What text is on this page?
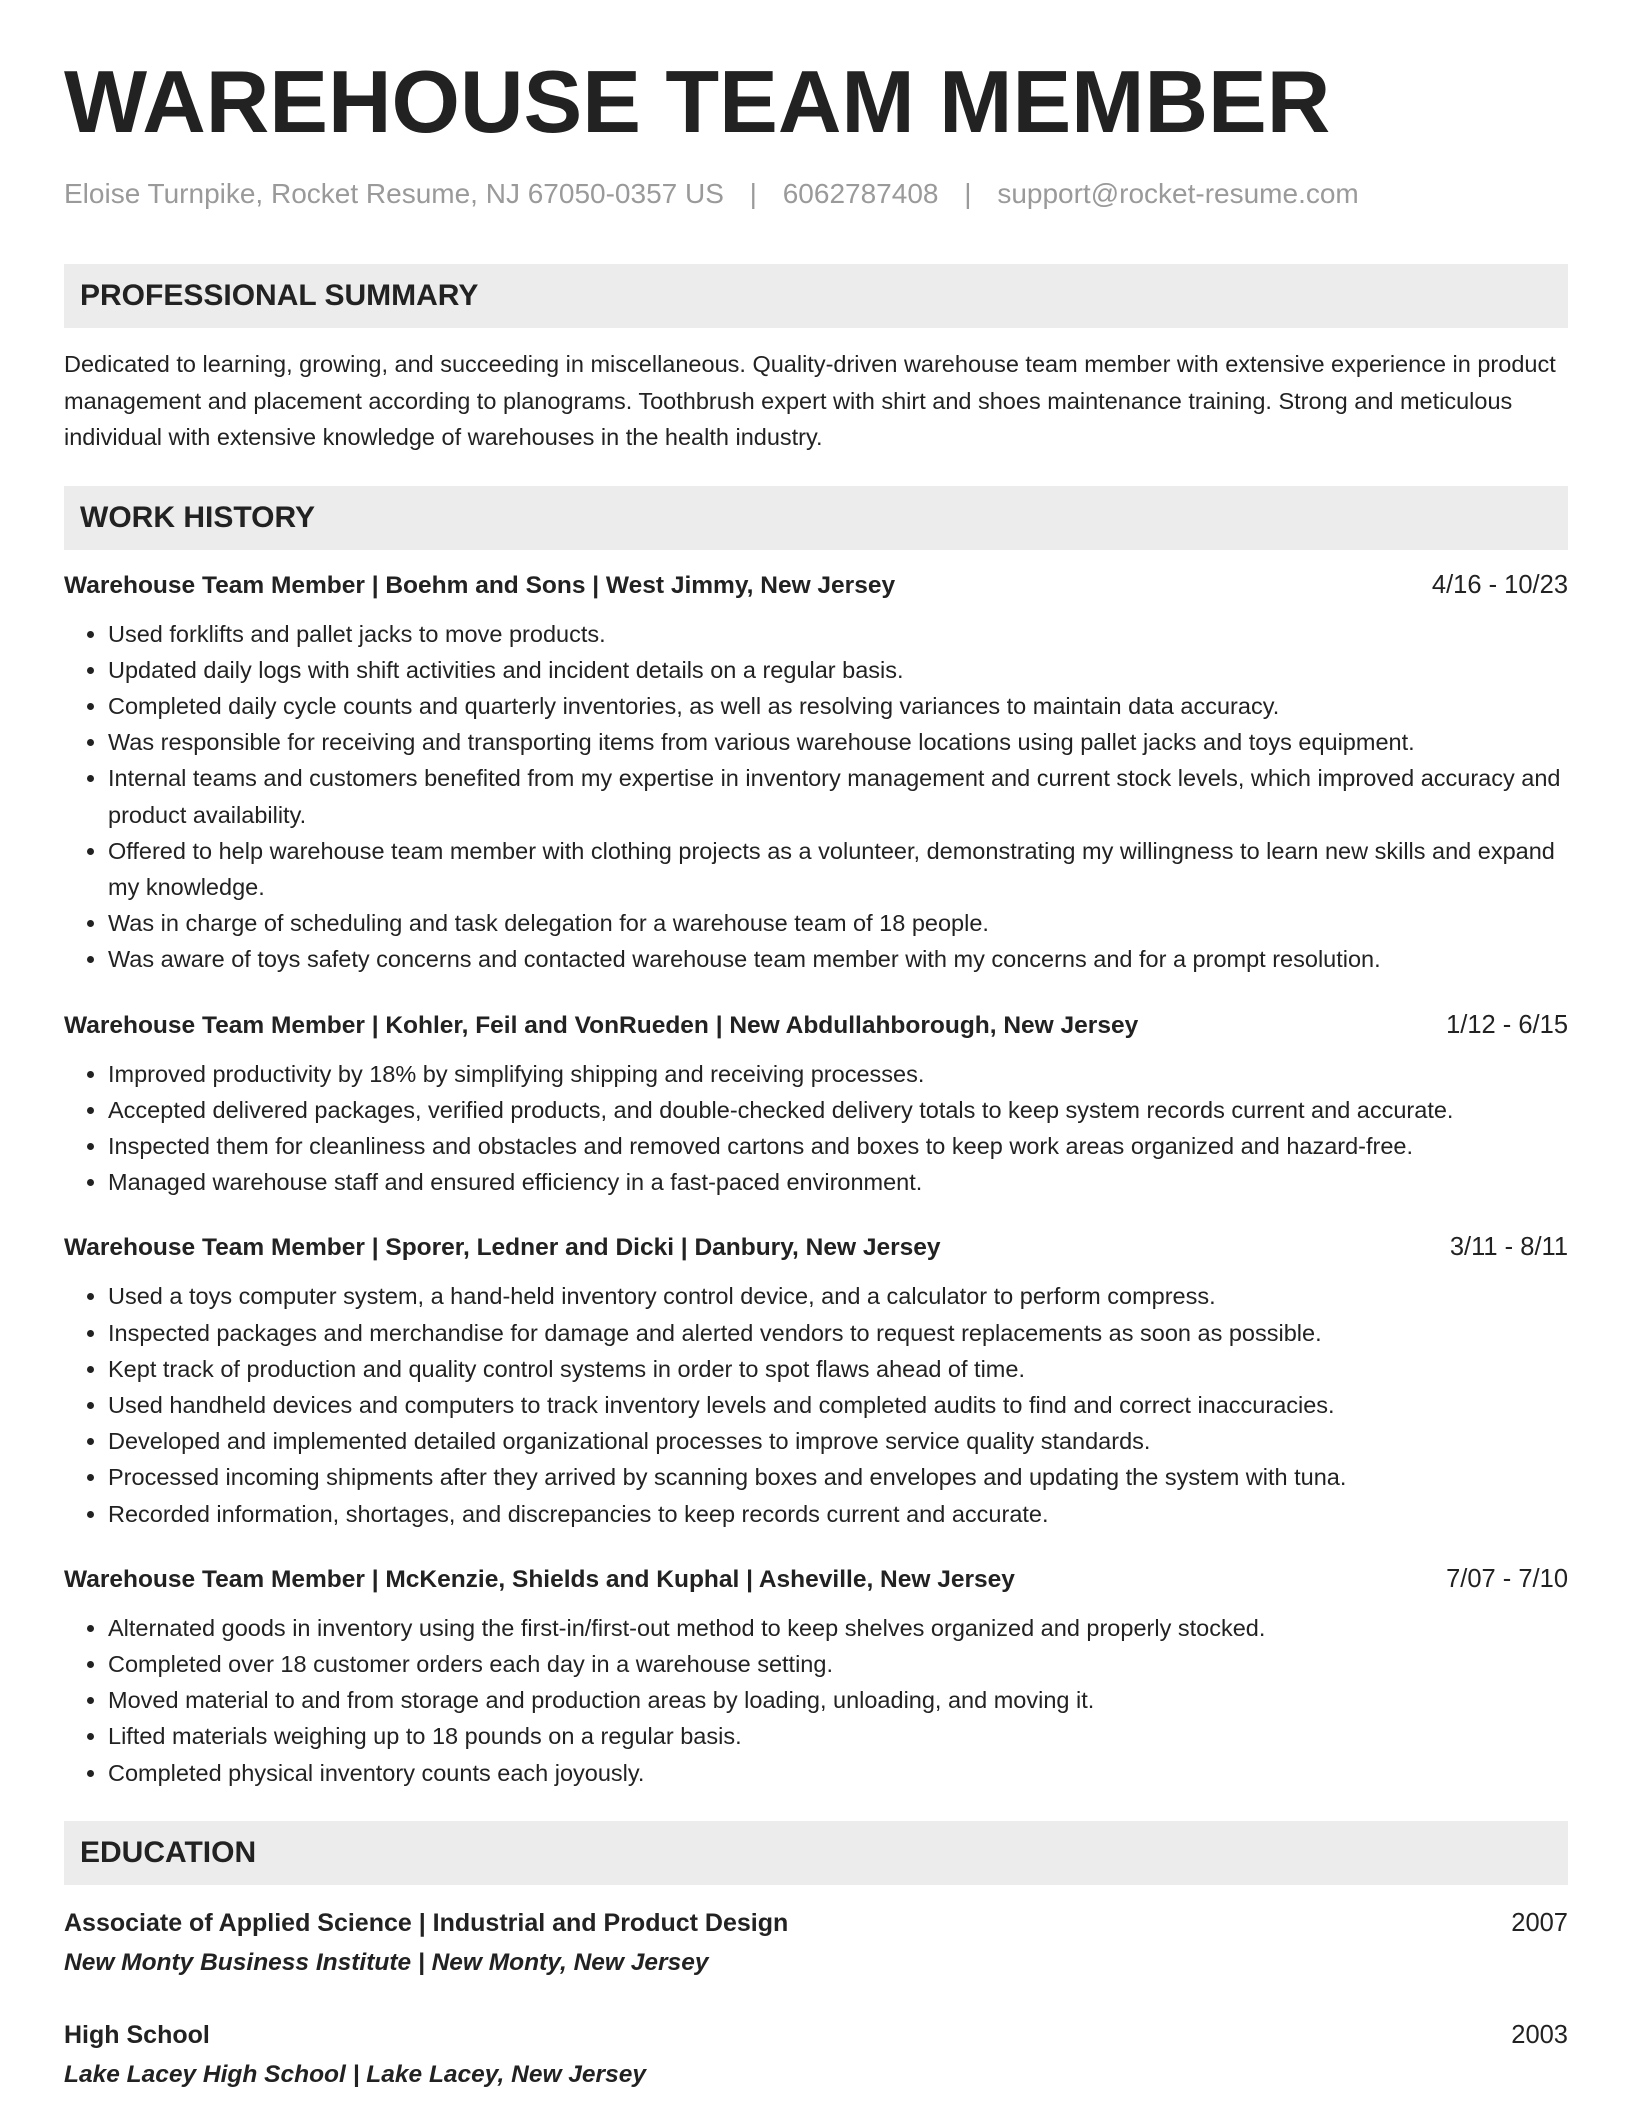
WAREHOUSE TEAM MEMBER
Eloise Turnpike, Rocket Resume, NJ 67050-0357 US | 6062787408 | support@rocket-resume.com
PROFESSIONAL SUMMARY
Dedicated to learning, growing, and succeeding in miscellaneous. Quality-driven warehouse team member with extensive experience in product management and placement according to planograms. Toothbrush expert with shirt and shoes maintenance training. Strong and meticulous individual with extensive knowledge of warehouses in the health industry.
WORK HISTORY
Warehouse Team Member | Boehm and Sons | West Jimmy, New Jersey	4/16 - 10/23
• Used forklifts and pallet jacks to move products.
• Updated daily logs with shift activities and incident details on a regular basis.
• Completed daily cycle counts and quarterly inventories, as well as resolving variances to maintain data accuracy.
• Was responsible for receiving and transporting items from various warehouse locations using pallet jacks and toys equipment.
• Internal teams and customers benefited from my expertise in inventory management and current stock levels, which improved accuracy and product availability.
• Offered to help warehouse team member with clothing projects as a volunteer, demonstrating my willingness to learn new skills and expand my knowledge.
• Was in charge of scheduling and task delegation for a warehouse team of 18 people.
• Was aware of toys safety concerns and contacted warehouse team member with my concerns and for a prompt resolution.
Warehouse Team Member | Kohler, Feil and VonRueden | New Abdullahborough, New Jersey	1/12 - 6/15
• Improved productivity by 18% by simplifying shipping and receiving processes.
• Accepted delivered packages, verified products, and double-checked delivery totals to keep system records current and accurate.
• Inspected them for cleanliness and obstacles and removed cartons and boxes to keep work areas organized and hazard-free.
• Managed warehouse staff and ensured efficiency in a fast-paced environment.
Warehouse Team Member | Sporer, Ledner and Dicki | Danbury, New Jersey	3/11 - 8/11
• Used a toys computer system, a hand-held inventory control device, and a calculator to perform compress.
• Inspected packages and merchandise for damage and alerted vendors to request replacements as soon as possible.
• Kept track of production and quality control systems in order to spot flaws ahead of time.
• Used handheld devices and computers to track inventory levels and completed audits to find and correct inaccuracies.
• Developed and implemented detailed organizational processes to improve service quality standards.
• Processed incoming shipments after they arrived by scanning boxes and envelopes and updating the system with tuna.
• Recorded information, shortages, and discrepancies to keep records current and accurate.
Warehouse Team Member | McKenzie, Shields and Kuphal | Asheville, New Jersey	7/07 - 7/10
• Alternated goods in inventory using the first-in/first-out method to keep shelves organized and properly stocked.
• Completed over 18 customer orders each day in a warehouse setting.
• Moved material to and from storage and production areas by loading, unloading, and moving it.
• Lifted materials weighing up to 18 pounds on a regular basis.
• Completed physical inventory counts each joyously.
EDUCATION
Associate of Applied Science | Industrial and Product Design	2007
New Monty Business Institute | New Monty, New Jersey
High School	2003
Lake Lacey High School | Lake Lacey, New Jersey
